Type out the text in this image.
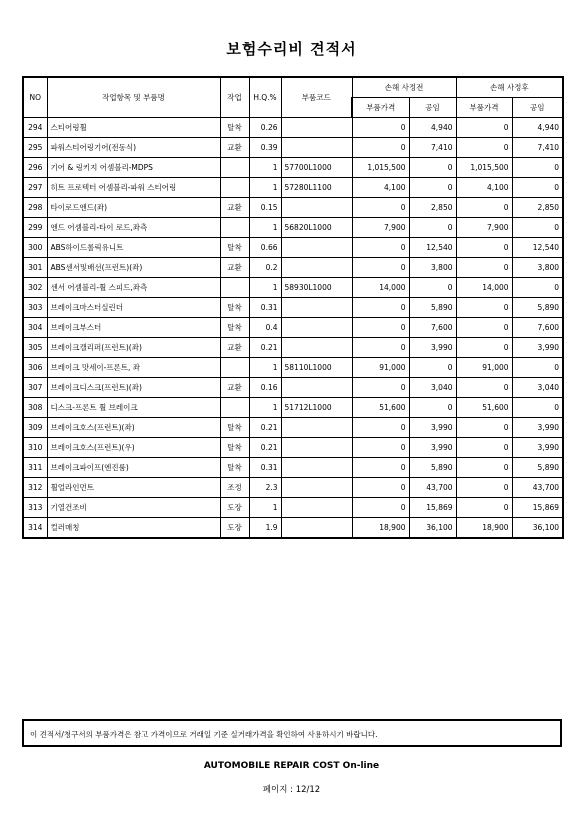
보험수리비 견적서
NO	작업항목 및 부품명	작업	H.Q.%	부품코드	손해 사정전		손해 사정후	
					부품가격	공임	부품가격	공임
294	스티어링휠	탈착	0.26		0	4,940	0	4,940
295	파워스티어링기어(전동식)	교환	0.39		0	7,410	0	7,410
296	기어 & 링키지 어셈블리-MDPS		1	57700L1000	1,015,500	0	1,015,500	0
297	히트 프로텍터 어셈블리-파워 스티어링		1	57280L1100	4,100	0	4,100	0
298	타이로드엔드(좌)	교환	0.15		0	2,850	0	2,850
299	엔드 어셈블리-타이 로드,좌측		1	56820L1000	7,900	0	7,900	0
300	ABS하이드롤릭유니트	탈착	0.66		0	12,540	0	12,540
301	ABS센서및배선(프런트)(좌)	교환	0.2		0	3,800	0	3,800
302	센서 어셈블리-휠 스피드,좌측		1	58930L1000	14,000	0	14,000	0
303	브레이크마스터실린더	탈착	0.31		0	5,890	0	5,890
304	브레이크부스터	탈착	0.4		0	7,600	0	7,600
305	브레이크캘리퍼(프런트)(좌)	교환	0.21		0	3,990	0	3,990
306	브레이크 맛세이-프론트, 좌		1	58110L1000	91,000	0	91,000	0
307	브레이크디스크(프런트)(좌)	교환	0.16		0	3,040	0	3,040
308	디스크-프론트 휠 브레이크		1	51712L1000	51,600	0	51,600	0
309	브레이크호스(프런트)(좌)	탈착	0.21		0	3,990	0	3,990
310	브레이크호스(프런트)(우)	탈착	0.21		0	3,990	0	3,990
311	브레이크파이프(엔진룸)	탈착	0.31		0	5,890	0	5,890
312	휠얼라인먼트	조정	2.3		0	43,700	0	43,700
313	기열건조비	도장	1		0	15,869	0	15,869
314	컬러매칭	도장	1.9		18,900	36,100	18,900	36,100
이 견적서/청구서의 부품가격은 참고 가격이므로 거래일 기준 실거래가격을 확인하여 사용하시기 바랍니다.
AUTOMOBILE REPAIR COST On-line
페이지 : 12/12
